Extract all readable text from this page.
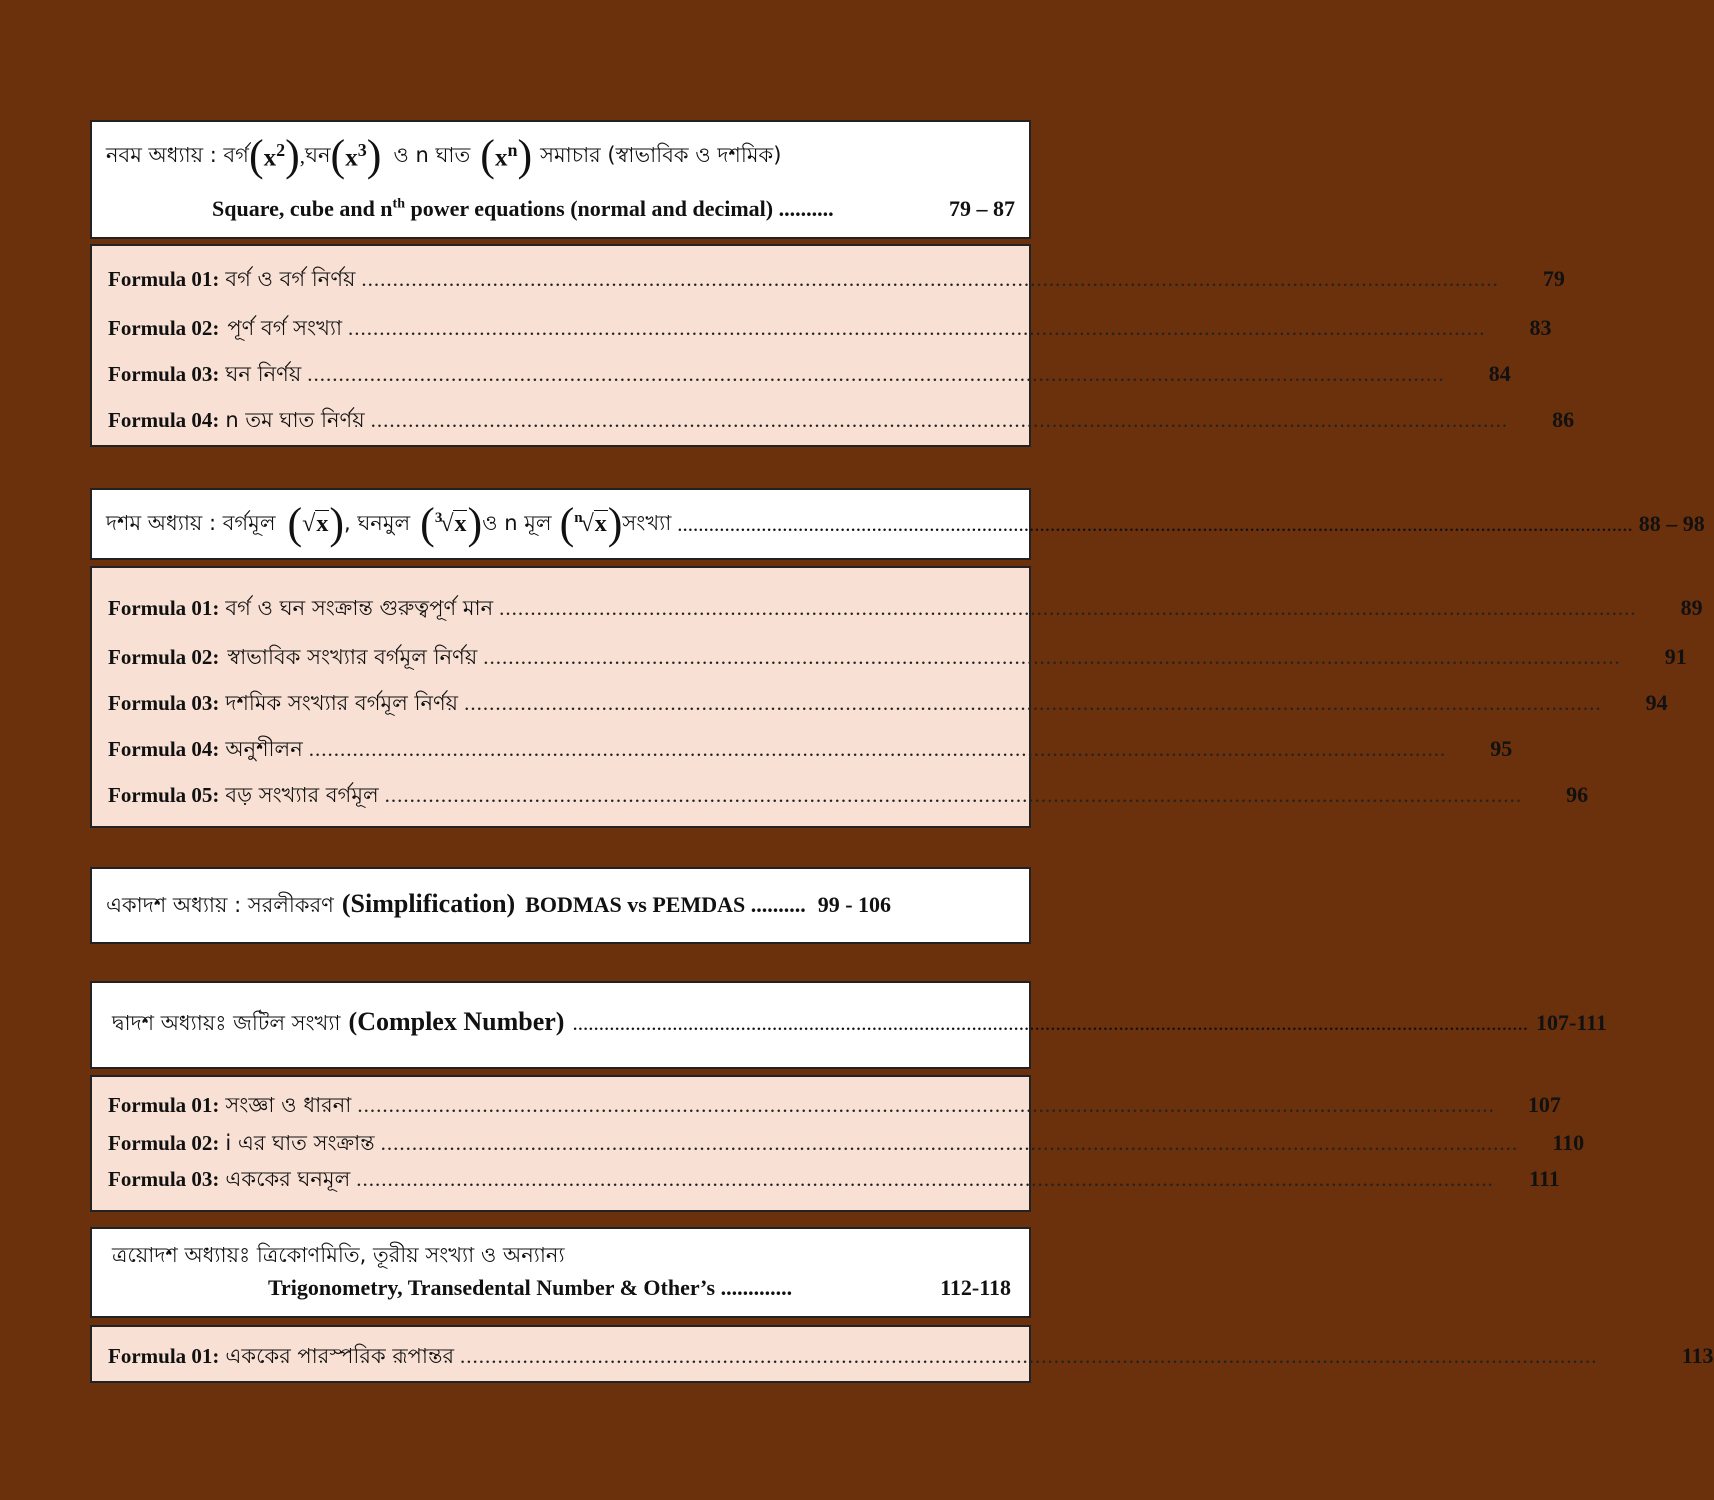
নবম অধ্যায় : বর্গ ( $x^2$ ) , ঘন ( $x^3$ ) ও n ঘাত ( $x^n$ ) সমাচার (স্বাভাবিক ও দশমিক)
Square, cube and $n^{th}$ power equations (normal and decimal) ..........	79 – 87
Formula 01: বর্গ ও বর্গ নির্ণয় ......................................................................................................................................................................................	79
Formula 02: পূর্ণ বর্গ সংখ্যা ......................................................................................................................................................................................	83
Formula 03: ঘন নির্ণয় ......................................................................................................................................................................................	84
Formula 04: n তম ঘাত নির্ণয় ......................................................................................................................................................................................	86
দশম অধ্যায় : বর্গমূল ( √x ) , ঘনমুল ( $^3$√x ) ও n মূল ( $^n$√x ) সংখ্যা ...................................................................................................................................................................................... 88 – 98
Formula 01: বর্গ ও ঘন সংক্রান্ত গুরুত্বপূর্ণ মান ......................................................................................................................................................................................	89
Formula 02: স্বাভাবিক সংখ্যার বর্গমূল নির্ণয় ......................................................................................................................................................................................	91
Formula 03: দশমিক সংখ্যার বর্গমূল নির্ণয় ......................................................................................................................................................................................	94
Formula 04: অনুশীলন ......................................................................................................................................................................................	95
Formula 05: বড় সংখ্যার বর্গমূল ......................................................................................................................................................................................	96
একাদশ অধ্যায় : সরলীকরণ (Simplification) BODMAS vs PEMDAS .......... 99 - 106
দ্বাদশ অধ্যায়ঃ জটিল সংখ্যা (Complex Number) ...................................................................................................................................................................................... 107-111
Formula 01: সংজ্ঞা ও ধারনা ......................................................................................................................................................................................	107
Formula 02: i এর ঘাত সংক্রান্ত ......................................................................................................................................................................................	110
Formula 03: এককের ঘনমূল ......................................................................................................................................................................................	111
ত্রয়োদশ অধ্যায়ঃ ত্রিকোণমিতি, তূরীয় সংখ্যা ও অন্যান্য
Trigonometry, Transedental Number & Other’s .............	112-118
Formula 01: এককের পারস্পরিক রূপান্তর ......................................................................................................................................................................................	113
